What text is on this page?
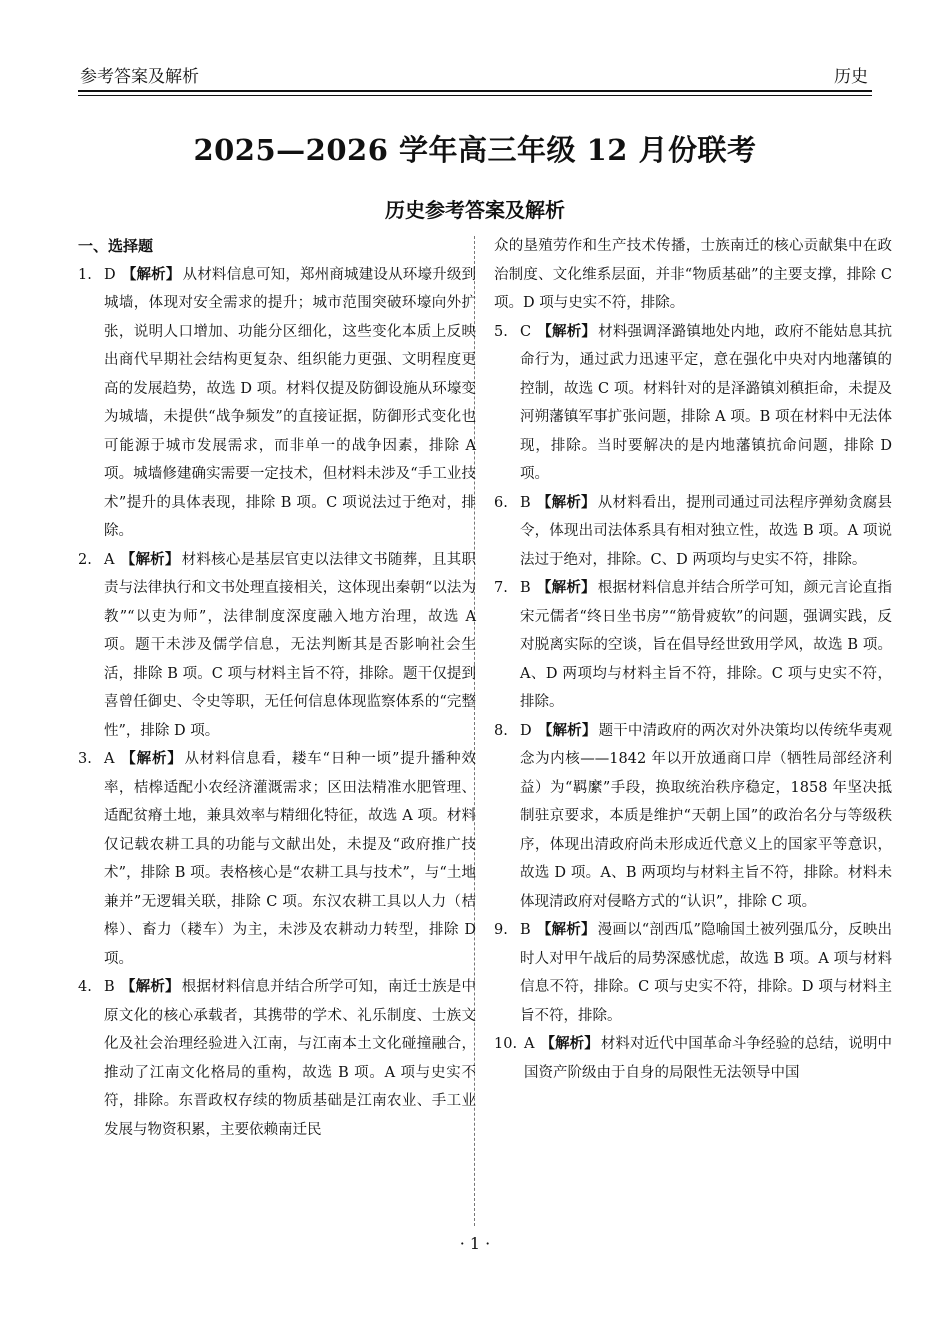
参考答案及解析	历史
2025—2026 学年高三年级 12 月份联考
历史参考答案及解析
一、选择题

1. D 【解析】 从材料信息可知，郑州商城建设从环壕升级到城墙，体现对安全需求的提升；城市范围突破环壕向外扩张，说明人口增加、功能分区细化，这些变化本质上反映出商代早期社会结构更复杂、组织能力更强、文明程度更高的发展趋势，故选 D 项。材料仅提及防御设施从环壕变为城墙，未提供“战争频发”的直接证据，防御形式变化也可能源于城市发展需求，而非单一的战争因素，排除 A 项。城墙修建确实需要一定技术，但材料未涉及“手工业技术”提升的具体表现，排除 B 项。C 项说法过于绝对，排除。

2. A 【解析】 材料核心是基层官吏以法律文书随葬，且其职责与法律执行和文书处理直接相关，这体现出秦朝“以法为教”“以吏为师”，法律制度深度融入地方治理，故选 A 项。题干未涉及儒学信息，无法判断其是否影响社会生活，排除 B 项。C 项与材料主旨不符，排除。题干仅提到喜曾任御史、令史等职，无任何信息体现监察体系的“完整性”，排除 D 项。

3. A 【解析】 从材料信息看，耧车“日种一顷”提升播种效率，桔槔适配小农经济灌溉需求；区田法精准水肥管理、适配贫瘠土地，兼具效率与精细化特征，故选 A 项。材料仅记载农耕工具的功能与文献出处，未提及“政府推广技术”，排除 B 项。表格核心是“农耕工具与技术”，与“土地兼并”无逻辑关联，排除 C 项。东汉农耕工具以人力（桔槔）、畜力（耧车）为主，未涉及农耕动力转型，排除 D 项。

4. B 【解析】 根据材料信息并结合所学可知，南迁士族是中原文化的核心承载者，其携带的学术、礼乐制度、士族文化及社会治理经验进入江南，与江南本土文化碰撞融合，推动了江南文化格局的重构，故选 B 项。A 项与史实不符，排除。东晋政权存续的物质基础是江南农业、手工业发展与物资积累，主要依赖南迁民

众的垦殖劳作和生产技术传播，士族南迁的核心贡献集中在政治制度、文化维系层面，并非“物质基础”的主要支撑，排除 C 项。D 项与史实不符，排除。

5. C 【解析】 材料强调泽潞镇地处内地，政府不能姑息其抗命行为，通过武力迅速平定，意在强化中央对内地藩镇的控制，故选 C 项。材料针对的是泽潞镇刘稹拒命，未提及河朔藩镇军事扩张问题，排除 A 项。B 项在材料中无法体现，排除。当时要解决的是内地藩镇抗命问题，排除 D 项。

6. B 【解析】 从材料看出，提刑司通过司法程序弹劾贪腐县令，体现出司法体系具有相对独立性，故选 B 项。A 项说法过于绝对，排除。C、D 两项均与史实不符，排除。

7. B 【解析】 根据材料信息并结合所学可知，颜元言论直指宋元儒者“终日坐书房”“筋骨疲软”的问题，强调实践，反对脱离实际的空谈，旨在倡导经世致用学风，故选 B 项。A、D 两项均与材料主旨不符，排除。C 项与史实不符，排除。

8. D 【解析】 题干中清政府的两次对外决策均以传统华夷观念为内核——1842 年以开放通商口岸（牺牲局部经济利益）为“羁縻”手段，换取统治秩序稳定，1858 年坚决抵制驻京要求，本质是维护“天朝上国”的政治名分与等级秩序，体现出清政府尚未形成近代意义上的国家平等意识，故选 D 项。A、B 两项均与材料主旨不符，排除。材料未体现清政府对侵略方式的“认识”，排除 C 项。

9. B 【解析】 漫画以“剖西瓜”隐喻国土被列强瓜分，反映出时人对甲午战后的局势深感忧虑，故选 B 项。A 项与材料信息不符，排除。C 项与史实不符，排除。D 项与材料主旨不符，排除。

10. A 【解析】 材料对近代中国革命斗争经验的总结，说明中国资产阶级由于自身的局限性无法领导中国

· 1 ·
